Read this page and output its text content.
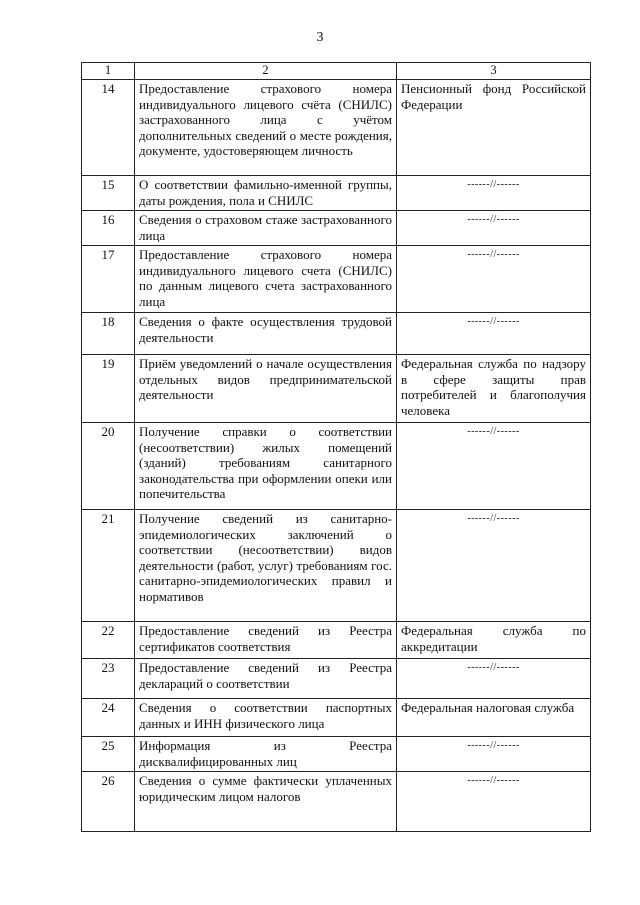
3
1	2	3
14	Предоставление страхового номера индивидуального лицевого счёта (СНИЛС) застрахованного лица с учётом дополнительных сведений о месте рождения, документе, удостоверяющем личность	Пенсионный фонд Российской Федерации
15	О соответствии фамильно-именной группы, даты рождения, пола и СНИЛС	------//------
16	Сведения о страховом стаже застрахованного лица	------//------
17	Предоставление страхового номера индивидуального лицевого счета (СНИЛС) по данным лицевого счета застрахованного лица	------//------
18	Сведения о факте осуществления трудовой деятельности	------//------
19	Приём уведомлений о начале осуществления отдельных видов предпринимательской деятельности	Федеральная служба по надзору в сфере защиты прав потребителей и благополучия человека
20	Получение справки о соответствии (несоответствии) жилых помещений (зданий) требованиям санитарного законодательства при оформлении опеки или попечительства	------//------
21	Получение сведений из санитарно-эпидемиологических заключений о соответствии (несоответствии) видов деятельности (работ, услуг) требованиям гос. санитарно-эпидемиологических правил и нормативов	------//------
22	Предоставление сведений из Реестра сертификатов соответствия	Федеральная служба по аккредитации
23	Предоставление сведений из Реестра деклараций о соответствии	------//------
24	Сведения о соответствии паспортных данных и ИНН физического лица	Федеральная налоговая служба
25	Информация из Реестра дисквалифицированных лиц	------//------
26	Сведения о сумме фактически уплаченных юридическим лицом налогов	------//------
